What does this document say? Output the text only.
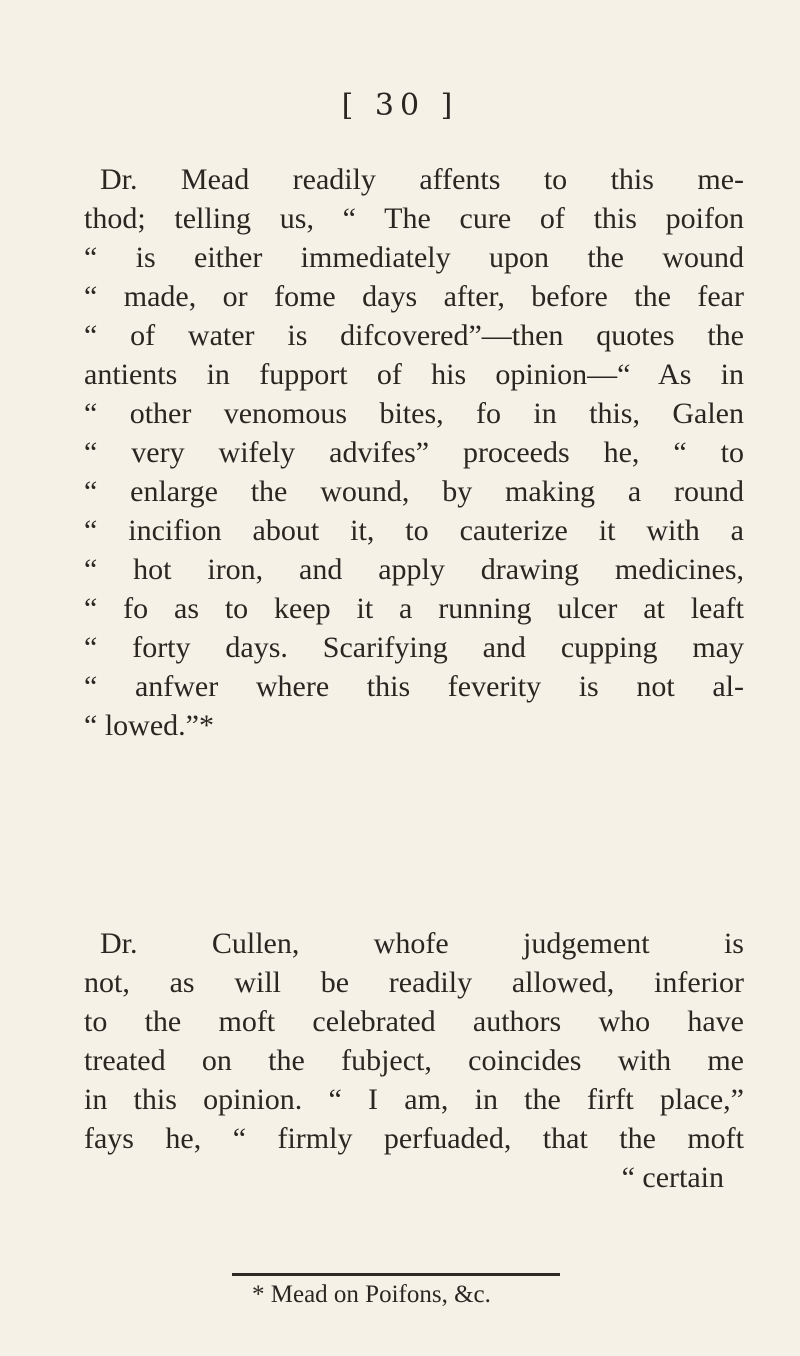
[ 30 ]
Dr. Mead readily affents to this me-
thod; telling us, “ The cure of this poifon
“ is either immediately upon the wound
“ made, or fome days after, before the fear
“ of water is difcovered”—then quotes the
antients in fupport of his opinion—“ As in
“ other venomous bites, fo in this, Galen
“ very wifely advifes” proceeds he, “ to
“ enlarge the wound, by making a round
“ incifion about it, to cauterize it with a
“ hot iron, and apply drawing medicines,
“ fo as to keep it a running ulcer at leaft
“ forty days. Scarifying and cupping may
“ anfwer where this feverity is not al-
“ lowed.”*
Dr. Cullen, whofe judgement is
not, as will be readily allowed, inferior
to the moft celebrated authors who have
treated on the fubject, coincides with me
in this opinion. “ I am, in the firft place,”
fays he, “ firmly perfuaded, that the moft
“ certain
* Mead on Poifons, &c.
